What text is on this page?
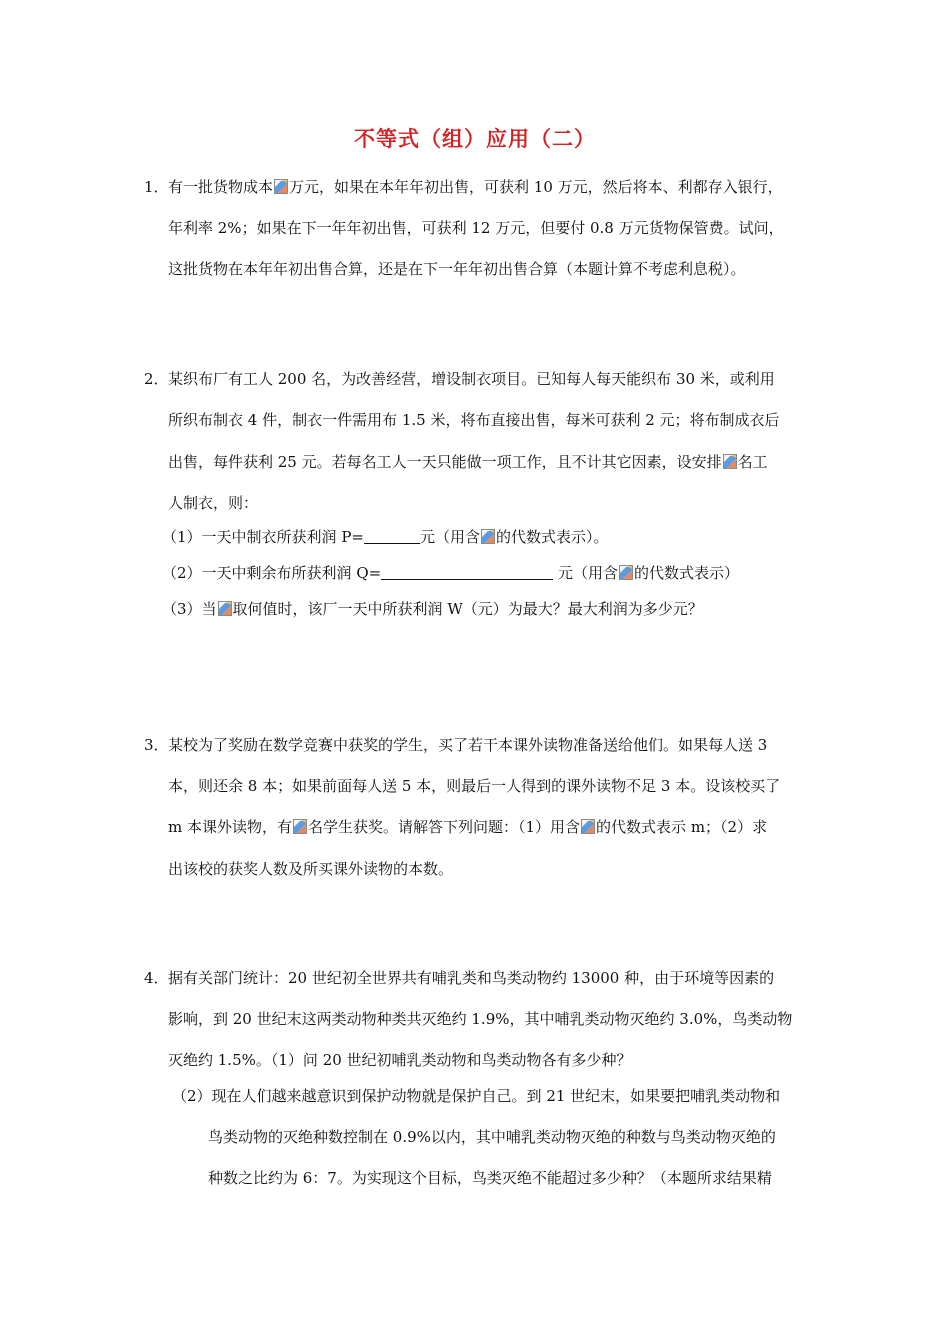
不等式（组）应用（二）
1． 有一批货物成本 万元，如果在本年年初出售，可获利 10 万元，然后将本、利都存入银行，
年利率 2%；如果在下一年年初出售，可获利 12 万元，但要付 0.8 万元货物保管费。试问，
这批货物在本年年初出售合算，还是在下一年年初出售合算（本题计算不考虑利息税）。
2． 某织布厂有工人 200 名，为改善经营，增设制衣项目。已知每人每天能织布 30 米，或利用
所织布制衣 4 件，制衣一件需用布 1.5 米，将布直接出售，每米可获利 2 元；将布制成衣后
出售，每件获利 25 元。若每名工人一天只能做一项工作，且不计其它因素，设安排 名工
人制衣，则：
（1）一天中制衣所获利润 P=	元（用含 的代数式表示）。
（2）一天中剩余布所获利润 Q=	元（用含 的代数式表示）
（3）当 取何值时，该厂一天中所获利润 W（元）为最大？最大利润为多少元？
3． 某校为了奖励在数学竞赛中获奖的学生，买了若干本课外读物准备送给他们。如果每人送 3
本，则还余 8 本；如果前面每人送 5 本，则最后一人得到的课外读物不足 3 本。设该校买了
m 本课外读物，有 名学生获奖。请解答下列问题：（1）用含 的代数式表示 m；（2）求
出该校的获奖人数及所买课外读物的本数。
4． 据有关部门统计：20 世纪初全世界共有哺乳类和鸟类动物约 13000 种，由于环境等因素的
影响，到 20 世纪末这两类动物种类共灭绝约 1.9%，其中哺乳类动物灭绝约 3.0%，鸟类动物
灭绝约 1.5%。（1）问 20 世纪初哺乳类动物和鸟类动物各有多少种？
（2）现在人们越来越意识到保护动物就是保护自己。到 21 世纪末，如果要把哺乳类动物和
鸟类动物的灭绝种数控制在 0.9%以内，其中哺乳类动物灭绝的种数与鸟类动物灭绝的
种数之比约为 6：7。为实现这个目标，鸟类灭绝不能超过多少种？（本题所求结果精
